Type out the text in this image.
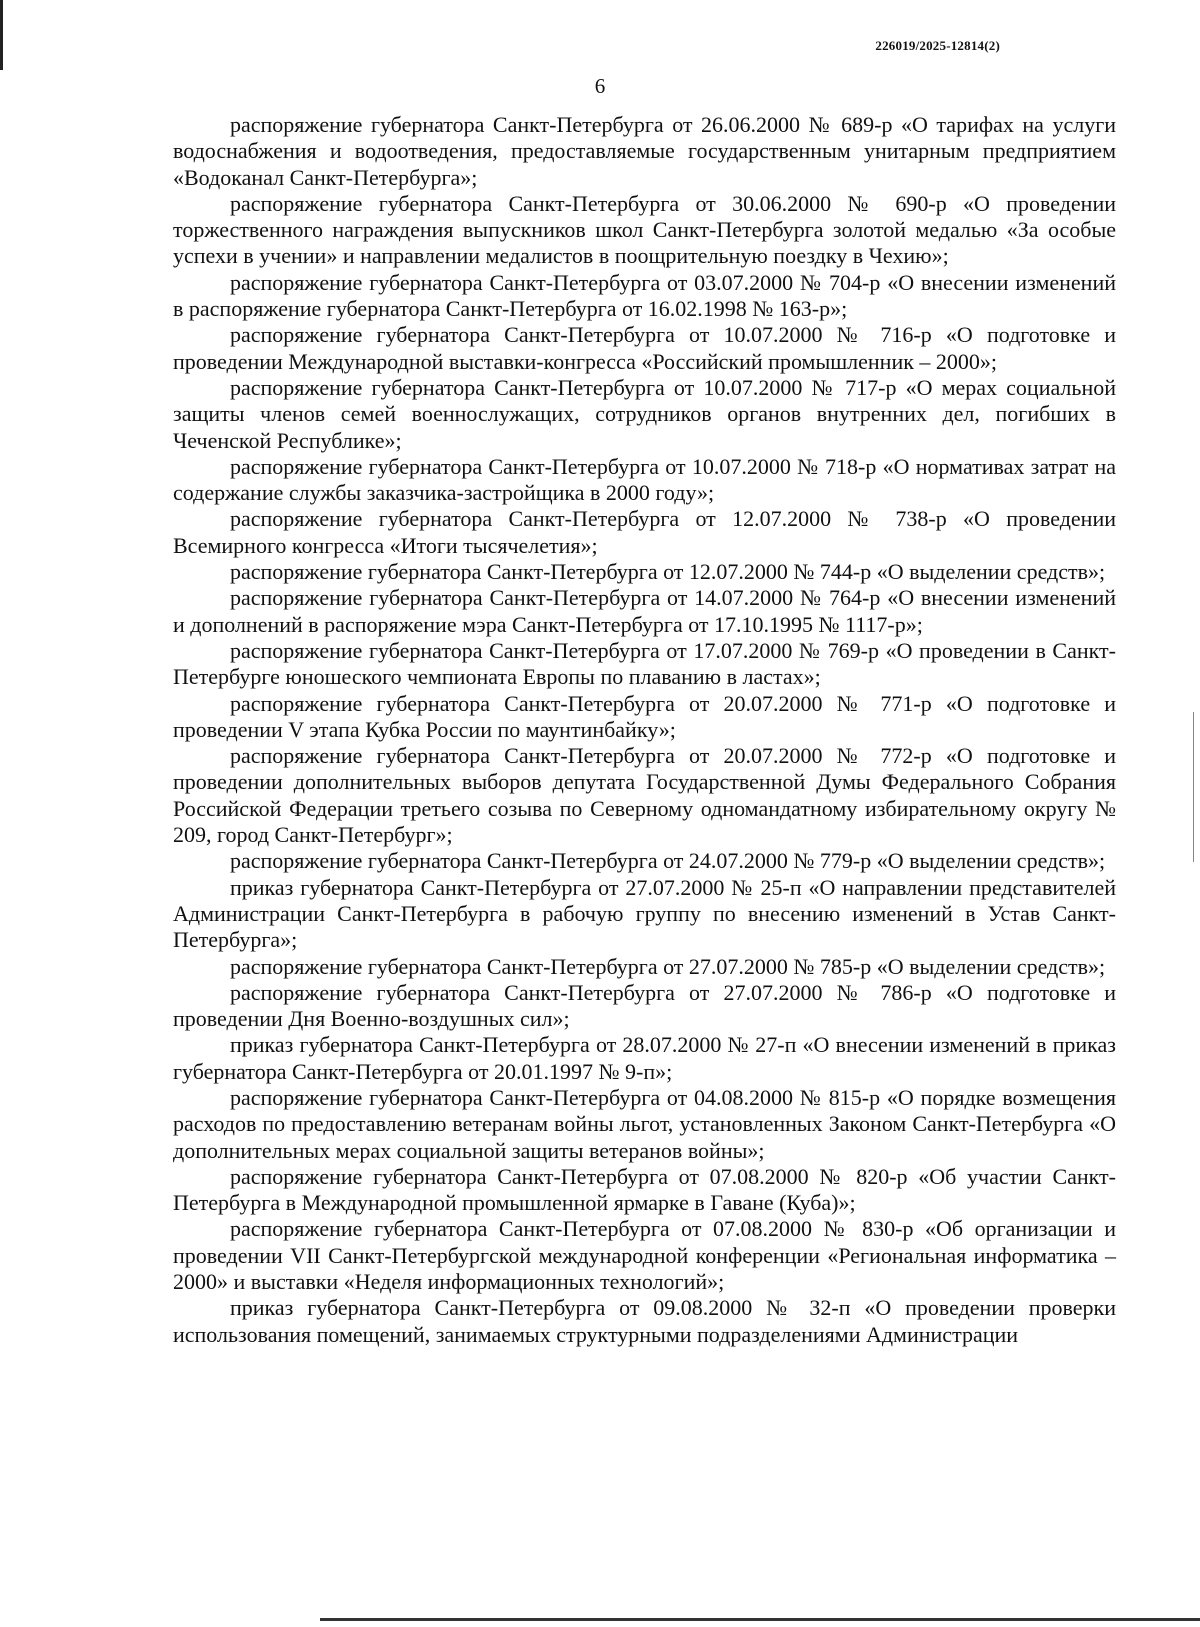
226019/2025-12814(2)
6

распоряжение губернатора Санкт-Петербурга от 26.06.2000 № 689-р «О тарифах на услуги водоснабжения и водоотведения, предоставляемые государственным унитарным предприятием «Водоканал Санкт-Петербурга»;

распоряжение губернатора Санкт-Петербурга от 30.06.2000 № 690-р «О проведении торжественного награждения выпускников школ Санкт-Петербурга золотой медалью «За особые успехи в учении» и направлении медалистов в поощрительную поездку в Чехию»;

распоряжение губернатора Санкт-Петербурга от 03.07.2000 № 704-р «О внесении изменений в распоряжение губернатора Санкт-Петербурга от 16.02.1998 № 163-р»;

распоряжение губернатора Санкт-Петербурга от 10.07.2000 № 716-р «О подготовке и проведении Международной выставки-конгресса «Российский промышленник – 2000»;

распоряжение губернатора Санкт-Петербурга от 10.07.2000 № 717-р «О мерах социальной защиты членов семей военнослужащих, сотрудников органов внутренних дел, погибших в Чеченской Республике»;

распоряжение губернатора Санкт-Петербурга от 10.07.2000 № 718-р «О нормативах затрат на содержание службы заказчика-застройщика в 2000 году»;

распоряжение губернатора Санкт-Петербурга от 12.07.2000 № 738-р «О проведении Всемирного конгресса «Итоги тысячелетия»;

распоряжение губернатора Санкт-Петербурга от 12.07.2000 № 744-р «О выделении средств»;

распоряжение губернатора Санкт-Петербурга от 14.07.2000 № 764-р «О внесении изменений и дополнений в распоряжение мэра Санкт-Петербурга от 17.10.1995 № 1117-р»;

распоряжение губернатора Санкт-Петербурга от 17.07.2000 № 769-р «О проведении в Санкт-Петербурге юношеского чемпионата Европы по плаванию в ластах»;

распоряжение губернатора Санкт-Петербурга от 20.07.2000 № 771-р «О подготовке и проведении V этапа Кубка России по маунтинбайку»;

распоряжение губернатора Санкт-Петербурга от 20.07.2000 № 772-р «О подготовке и проведении дополнительных выборов депутата Государственной Думы Федерального Собрания Российской Федерации третьего созыва по Северному одномандатному избирательному округу № 209, город Санкт-Петербург»;

распоряжение губернатора Санкт-Петербурга от 24.07.2000 № 779-р «О выделении средств»;

приказ губернатора Санкт-Петербурга от 27.07.2000 № 25-п «О направлении представителей Администрации Санкт-Петербурга в рабочую группу по внесению изменений в Устав Санкт-Петербурга»;

распоряжение губернатора Санкт-Петербурга от 27.07.2000 № 785-р «О выделении средств»;

распоряжение губернатора Санкт-Петербурга от 27.07.2000 № 786-р «О подготовке и проведении Дня Военно-воздушных сил»;

приказ губернатора Санкт-Петербурга от 28.07.2000 № 27-п «О внесении изменений в приказ губернатора Санкт-Петербурга от 20.01.1997 № 9-п»;

распоряжение губернатора Санкт-Петербурга от 04.08.2000 № 815-р «О порядке возмещения расходов по предоставлению ветеранам войны льгот, установленных Законом Санкт-Петербурга «О дополнительных мерах социальной защиты ветеранов войны»;

распоряжение губернатора Санкт-Петербурга от 07.08.2000 № 820-р «Об участии Санкт-Петербурга в Международной промышленной ярмарке в Гаване (Куба)»;

распоряжение губернатора Санкт-Петербурга от 07.08.2000 № 830-р «Об организации и проведении VII Санкт-Петербургской международной конференции «Региональная информатика – 2000» и выставки «Неделя информационных технологий»;

приказ губернатора Санкт-Петербурга от 09.08.2000 № 32-п «О проведении проверки использования помещений, занимаемых структурными подразделениями Администрации
